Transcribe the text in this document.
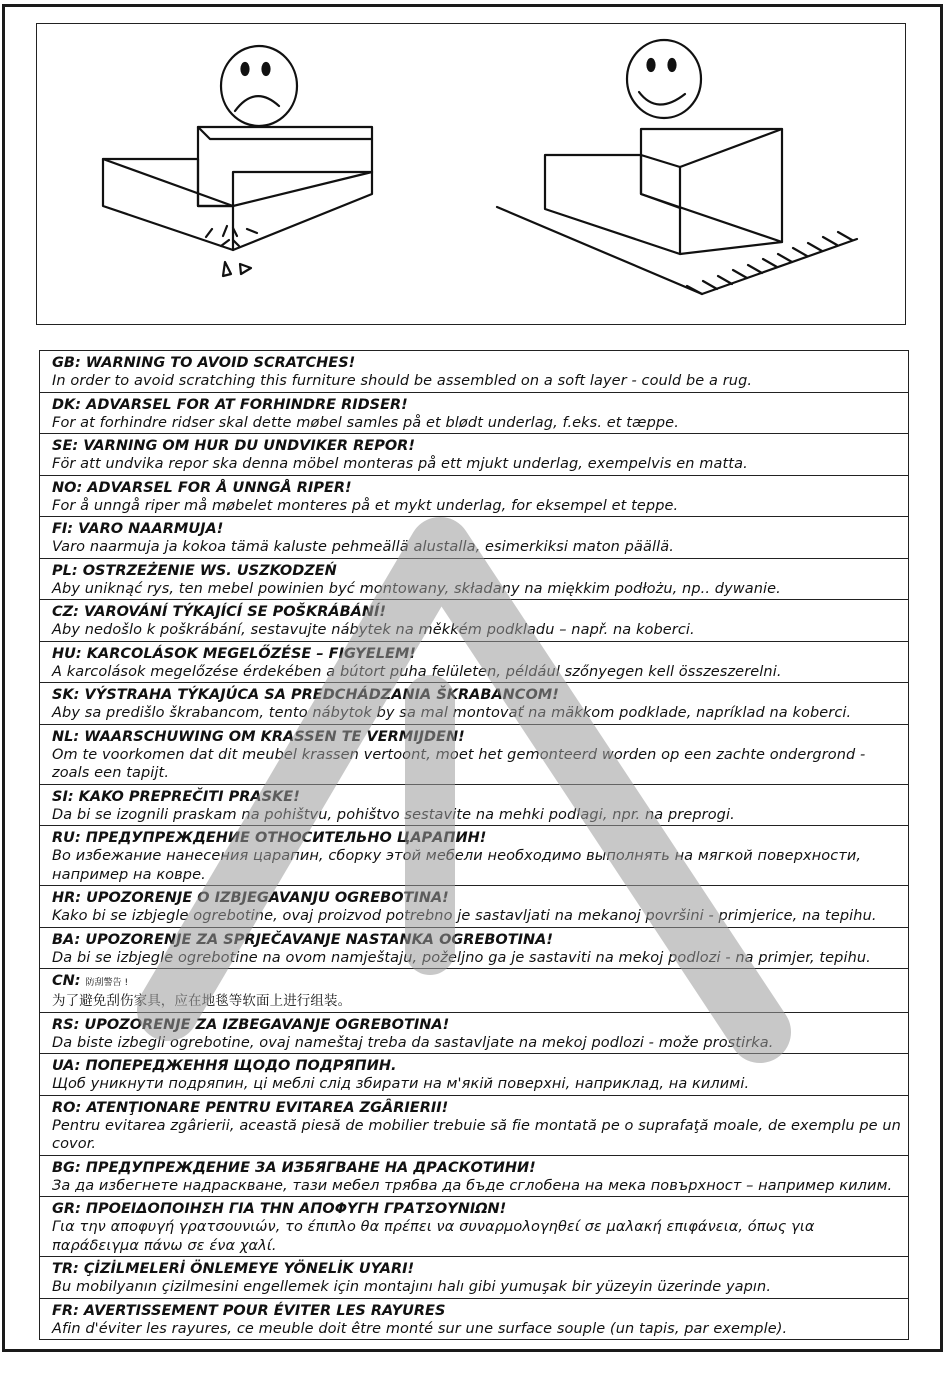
GB: WARNING TO AVOID SCRATCHES!
In order to avoid scratching this furniture should be assembled on a soft layer - could be a rug.
DK: ADVARSEL FOR AT FORHINDRE RIDSER!
For at forhindre ridser skal dette møbel samles på et blødt underlag, f.eks. et tæppe.
SE: VARNING OM HUR DU UNDVIKER REPOR!
För att undvika repor ska denna möbel monteras på ett mjukt underlag, exempelvis en matta.
NO: ADVARSEL FOR Å UNNGÅ RIPER!
For å unngå riper må møbelet monteres på et mykt underlag, for eksempel et teppe.
FI: VARO NAARMUJA!
Varo naarmuja ja kokoa tämä kaluste pehmeällä alustalla, esimerkiksi maton päällä.
PL: OSTRZEŻENIE WS. USZKODZEŃ
Aby uniknąć rys, ten mebel powinien być montowany, składany na miękkim podłożu, np.. dywanie.
CZ: VAROVÁNÍ TÝKAJÍCÍ SE POŠKRÁBÁNÍ!
Aby nedošlo k poškrábání, sestavujte nábytek na měkkém podkladu – např. na koberci.
HU: KARCOLÁSOK MEGELŐZÉSE – FIGYELEM!
A karcolások megelőzése érdekében a bútort puha felületen, például szőnyegen kell összeszerelni.
SK: VÝSTRAHA TÝKAJÚCA SA PREDCHÁDZANIA ŠKRABANCOM!
Aby sa predišlo škrabancom, tento nábytok by sa mal montovať na mäkkom podklade, napríklad na koberci.
NL: WAARSCHUWING OM KRASSEN TE VERMIJDEN!
Om te voorkomen dat dit meubel krassen vertoont, moet het gemonteerd worden op een zachte ondergrond - zoals een tapijt.
SI: KAKO PREPREČITI PRASKE!
Da bi se izognili praskam na pohištvu, pohištvo sestavite na mehki podlagi, npr. na preprogi.
RU: ПРЕДУПРЕЖДЕНИЕ ОТНОСИТЕЛЬНО ЦАРАПИН!
Во избежание нанесения царапин, сборку этой мебели необходимо выполнять на мягкой поверхности, например на ковре.
HR: UPOZORENJE O IZBJEGAVANJU OGREBOTINA!
Kako bi se izbjegle ogrebotine, ovaj proizvod potrebno je sastavljati na mekanoj površini - primjerice, na tepihu.
BA: UPOZORENJE ZA SPRJEČAVANJE NASTANKA OGREBOTINA!
Da bi se izbjegle ogrebotine na ovom namještaju, poželjno ga je sastaviti na mekoj podlozi - na primjer, tepihu.
CN: 防刮警告 !
为了避免刮伤家具，应在地毯等软面上进行组装。
RS: UPOZORENJE ZA IZBEGAVANJE OGREBOTINA!
Da biste izbegli ogrebotine, ovaj nameštaj treba da sastavljate na mekoj podlozi - može prostirka.
UA: ПОПЕРЕДЖЕННЯ ЩОДО ПОДРЯПИН.
Щоб уникнути подряпин, ці меблі слід збирати на м'якій поверхні, наприклад, на килимі.
RO: ATENŢIONARE PENTRU EVITAREA ZGÂRIERII!
Pentru evitarea zgârierii, această piesă de mobilier trebuie să fie montată pe o suprafaţă moale, de exemplu pe un covor.
BG: ПРЕДУПРЕЖДЕНИЕ ЗА ИЗБЯГВАНЕ НА ДРАСКОТИНИ!
За да избегнете надраскване, тази мебел трябва да бъде сглобена на мека повърхност – например килим.
GR: ΠΡΟΕΙΔΟΠΟΙΗΣΗ ΓΙΑ ΤΗΝ ΑΠΟΦΥΓΗ ΓΡΑΤΣΟΥΝΙΩΝ!
Για την αποφυγή γρατσουνιών, το έπιπλο θα πρέπει να συναρμολογηθεί σε μαλακή επιφάνεια, όπως για παράδειγμα πάνω σε ένα χαλί.
TR: ÇİZİLMELERİ ÖNLEMEYE YÖNELİK UYARI!
Bu mobilyanın çizilmesini engellemek için montajını halı gibi yumuşak bir yüzeyin üzerinde yapın.
FR: AVERTISSEMENT POUR ÉVITER LES RAYURES
Afin d'éviter les rayures, ce meuble doit être monté sur une surface souple (un tapis, par exemple).
